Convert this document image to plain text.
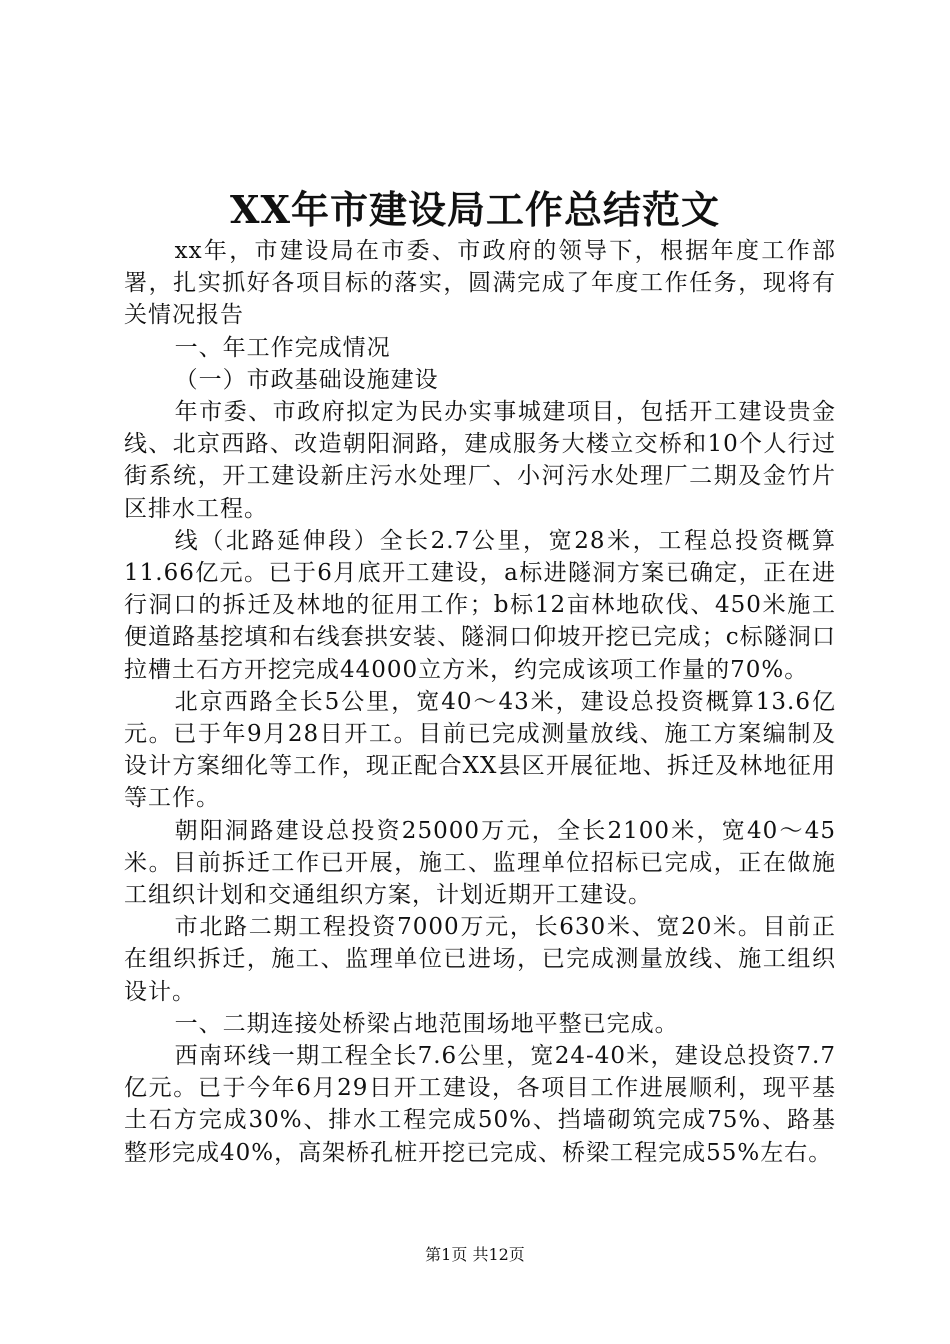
XX年市建设局工作总结范文

xx年，市建设局在市委、市政府的领导下，根据年度工作部署，扎实抓好各项目标的落实，圆满完成了年度工作任务，现将有关情况报告

一、年工作完成情况

（一）市政基础设施建设

年市委、市政府拟定为民办实事城建项目，包括开工建设贵金线、北京西路、改造朝阳洞路，建成服务大楼立交桥和10个人行过街系统，开工建设新庄污水处理厂、小河污水处理厂二期及金竹片区排水工程。

线（北路延伸段）全长2.7公里，宽28米，工程总投资概算11.66亿元。已于6月底开工建设，a标进隧洞方案已确定，正在进行洞口的拆迁及林地的征用工作；b标12亩林地砍伐、450米施工便道路基挖填和右线套拱安装、隧洞口仰坡开挖已完成；c标隧洞口拉槽土石方开挖完成44000立方米，约完成该项工作量的70%。

北京西路全长5公里，宽40～43米，建设总投资概算13.6亿元。已于年9月28日开工。目前已完成测量放线、施工方案编制及设计方案细化等工作，现正配合XX县区开展征地、拆迁及林地征用等工作。

朝阳洞路建设总投资25000万元，全长2100米，宽40～45米。目前拆迁工作已开展，施工、监理单位招标已完成，正在做施工组织计划和交通组织方案，计划近期开工建设。

市北路二期工程投资7000万元，长630米、宽20米。目前正在组织拆迁，施工、监理单位已进场，已完成测量放线、施工组织设计。

一、二期连接处桥梁占地范围场地平整已完成。

西南环线一期工程全长7.6公里，宽24-40米，建设总投资7.7亿元。已于今年6月29日开工建设，各项目工作进展顺利，现平基土石方完成30%、排水工程完成50%、挡墙砌筑完成75%、路基整形完成40%，高架桥孔桩开挖已完成、桥梁工程完成55%左右。

第1页 共12页
